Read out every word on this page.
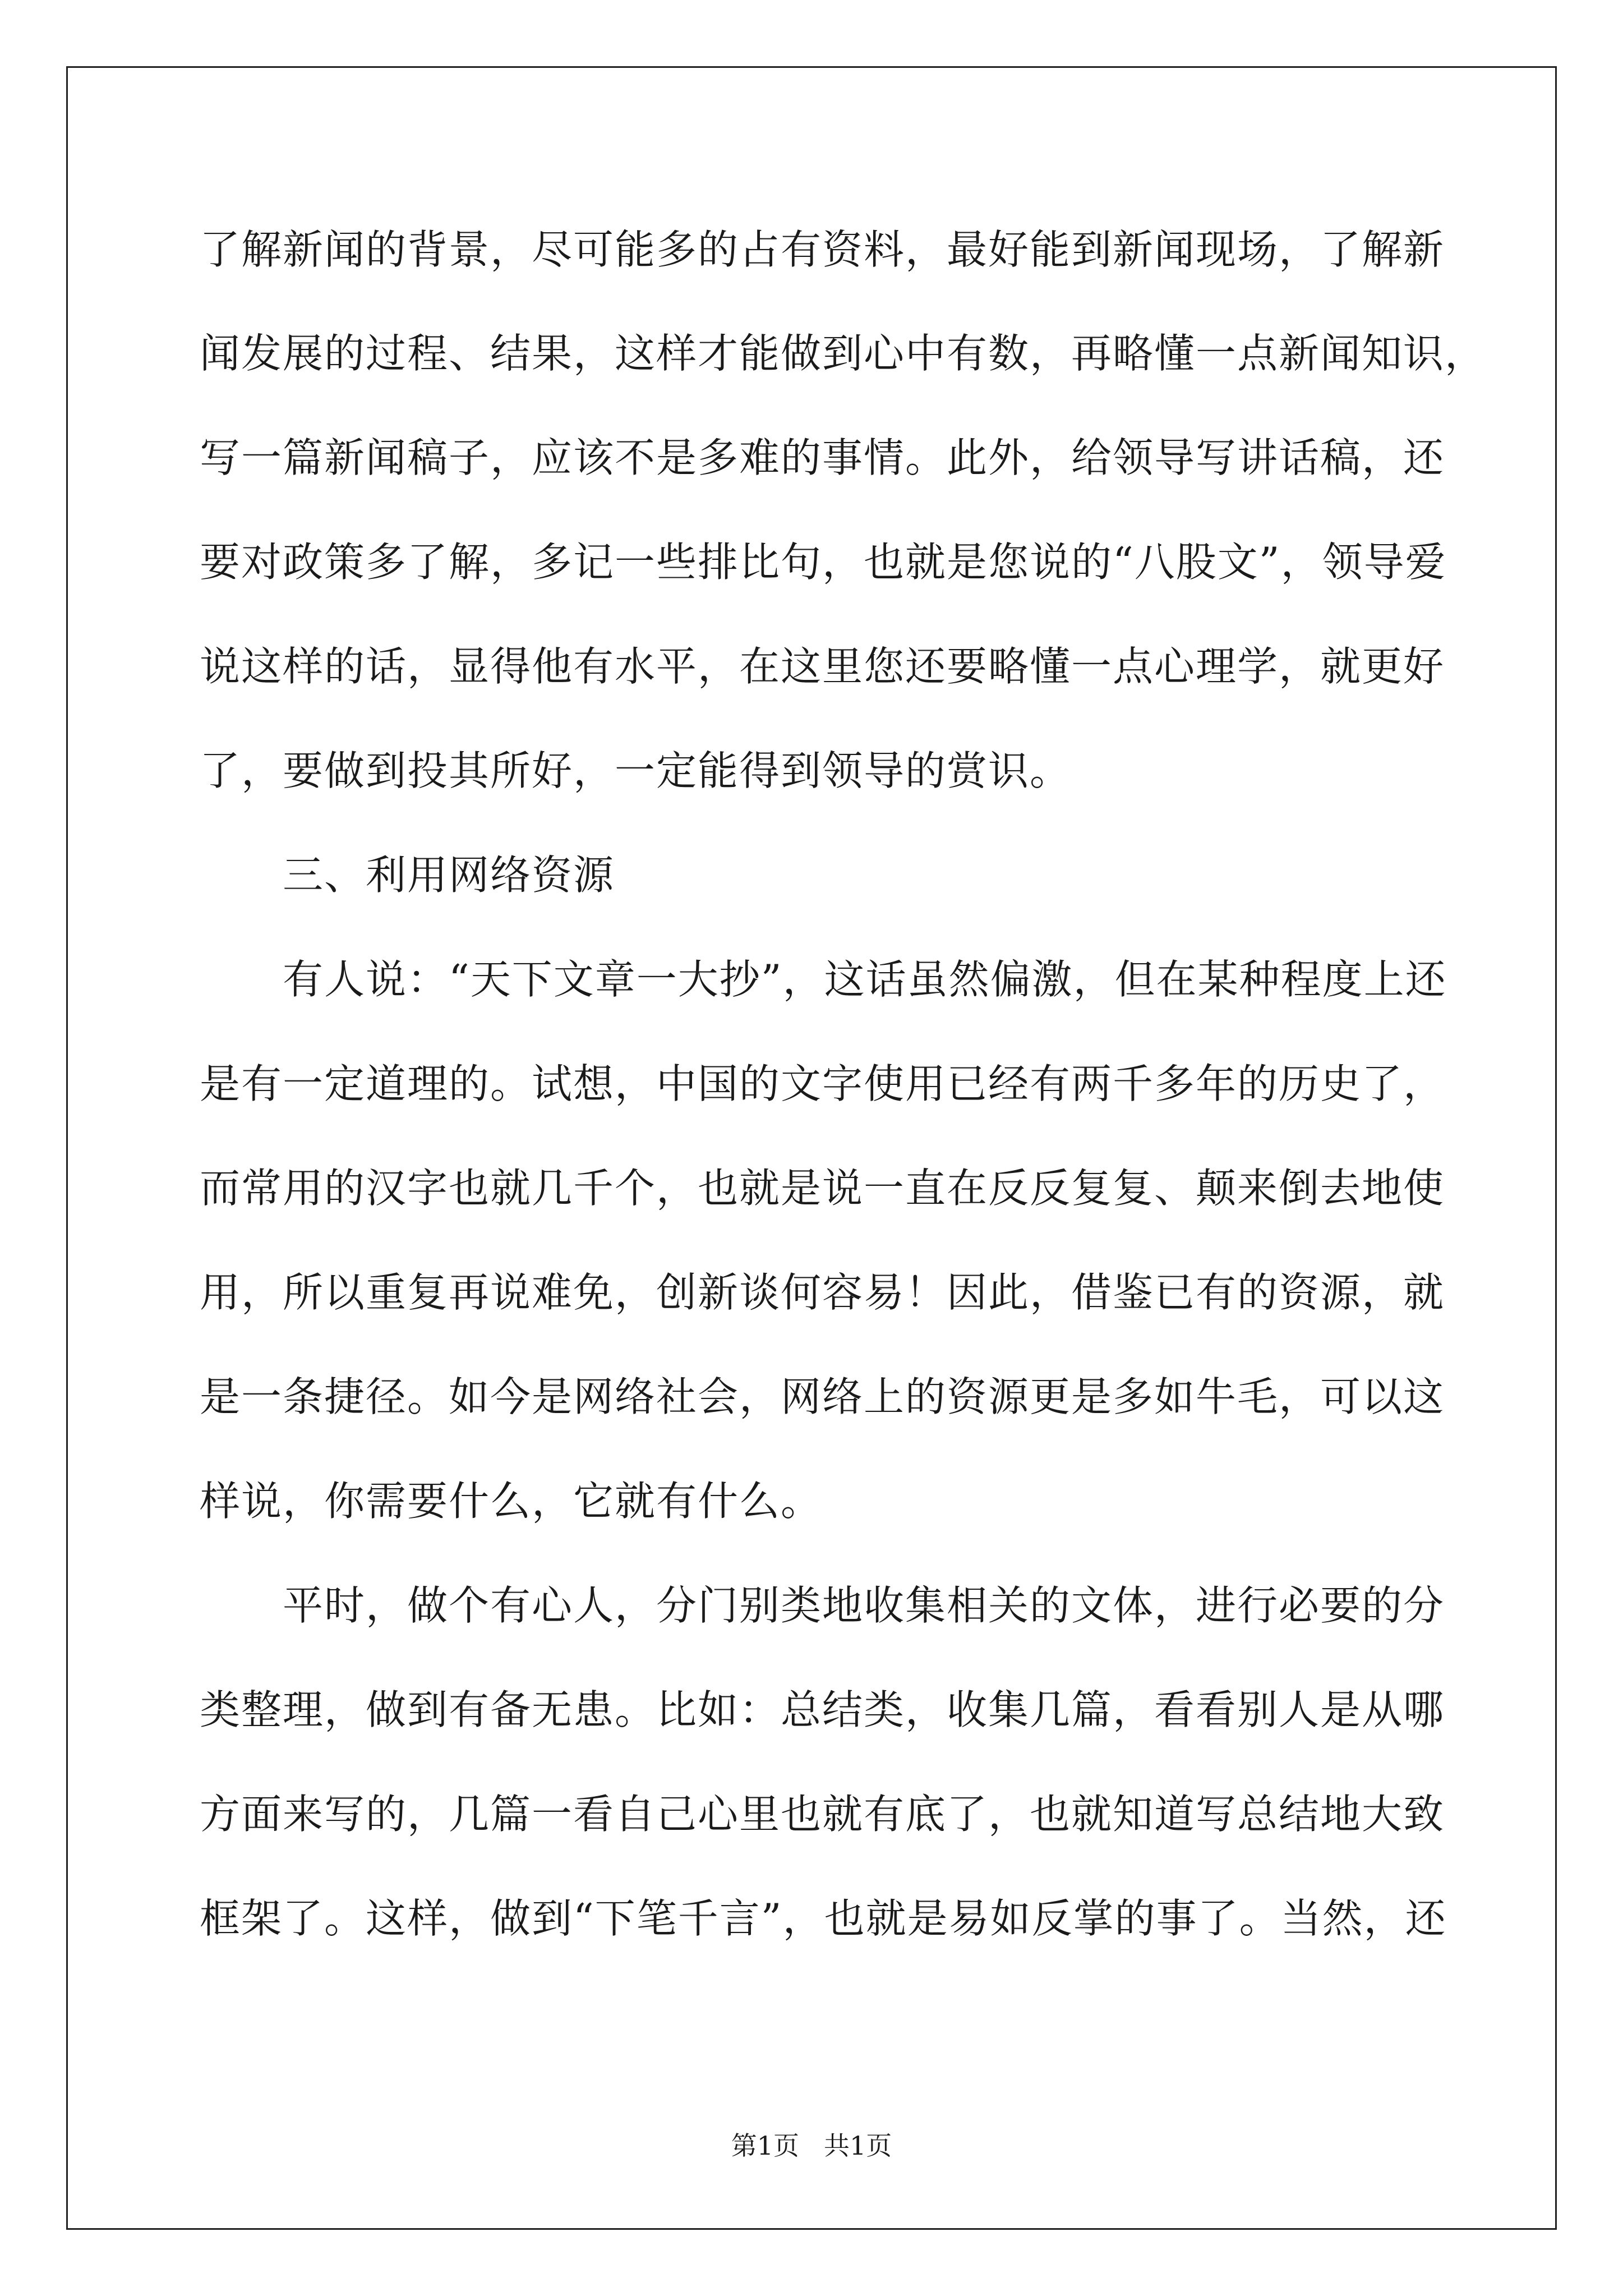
了解新闻的背景，尽可能多的占有资料，最好能到新闻现场，了解新
闻发展的过程、结果，这样才能做到心中有数，再略懂一点新闻知识，
写一篇新闻稿子，应该不是多难的事情。此外，给领导写讲话稿，还
要对政策多了解，多记一些排比句，也就是您说的“八股文”，领导爱
说这样的话，显得他有水平，在这里您还要略懂一点心理学，就更好
了，要做到投其所好，一定能得到领导的赏识。
三、利用网络资源
有人说：“天下文章一大抄”，这话虽然偏激，但在某种程度上还
是有一定道理的。试想，中国的文字使用已经有两千多年的历史了，
而常用的汉字也就几千个，也就是说一直在反反复复、颠来倒去地使
用，所以重复再说难免，创新谈何容易！因此，借鉴已有的资源，就
是一条捷径。如今是网络社会，网络上的资源更是多如牛毛，可以这
样说，你需要什么，它就有什么。
平时，做个有心人，分门别类地收集相关的文体，进行必要的分
类整理，做到有备无患。比如：总结类，收集几篇，看看别人是从哪
方面来写的，几篇一看自己心里也就有底了，也就知道写总结地大致
框架了。这样，做到“下笔千言”，也就是易如反掌的事了。当然，还
第1页 共1页
